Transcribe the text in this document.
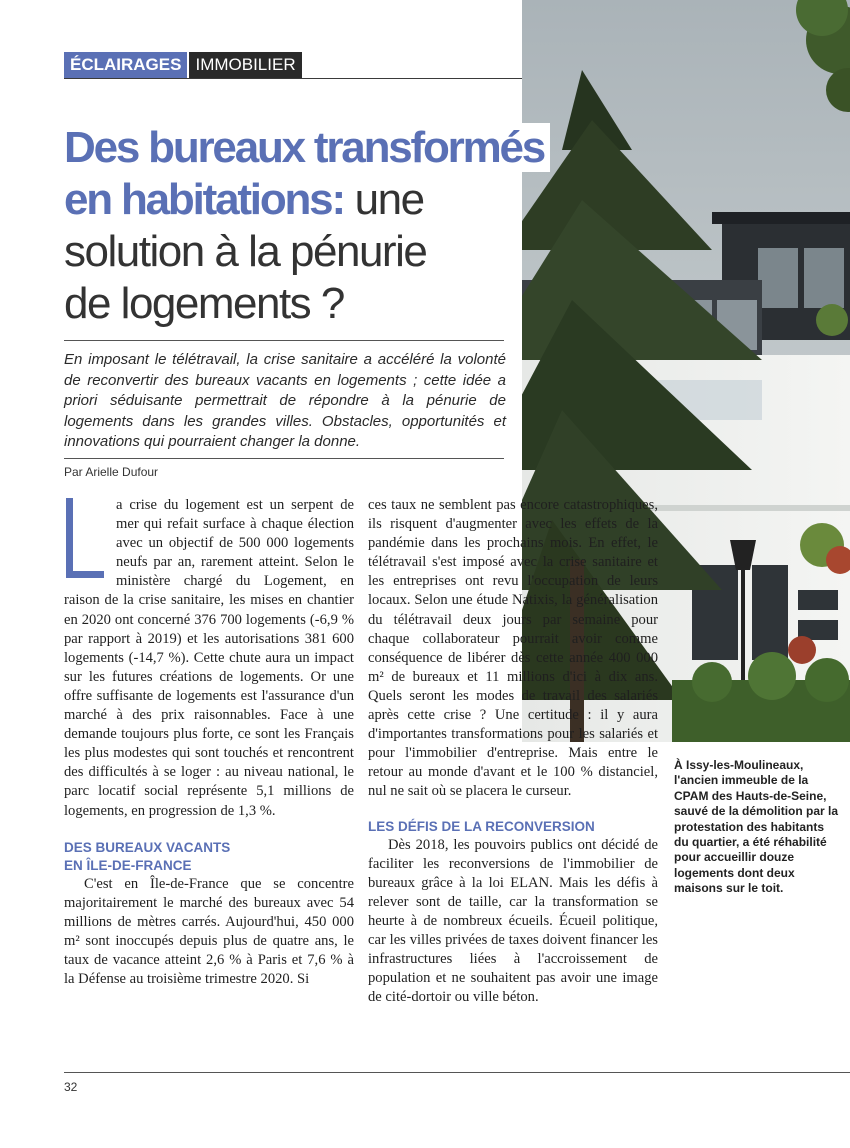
ÉCLAIRAGES IMMOBILIER
Des bureaux transformés
en habitations: une
solution à la pénurie
de logements ?

En imposant le télétravail, la crise sanitaire a accéléré la volonté de reconvertir des bureaux vacants en logements ; cette idée a priori séduisante permettrait de répondre à la pénurie de logements dans les grandes villes. Obstacles, opportunités et innovations qui pourraient changer la donne.

Par Arielle Dufour

a crise du logement est un serpent de mer qui refait surface à chaque élection avec un objectif de 500 000 logements neufs par an, rarement atteint. Selon le ministère chargé du Logement, en raison de la crise sanitaire, les mises en chantier en 2020 ont concerné 376 700 logements (-6,9 % par rapport à 2019) et les autorisations 381 600 logements (-14,7 %). Cette chute aura un impact sur les futures créations de logements. Or une offre suffisante de logements est l'assurance d'un marché à des prix raisonnables. Face à une demande toujours plus forte, ce sont les Français les plus modestes qui sont touchés et rencontrent des difficultés à se loger : au niveau national, le parc locatif social représente 5,1 millions de logements, en progression de 1,3 %.

DES BUREAUX VACANTS
EN ÎLE-DE-FRANCE

C'est en Île-de-France que se concentre majoritairement le marché des bureaux avec 54 millions de mètres carrés. Aujourd'hui, 450 000 m² sont inoccupés depuis plus de quatre ans, le taux de vacance atteint 2,6 % à Paris et 7,6 % à la Défense au troisième trimestre 2020. Si

ces taux ne semblent pas encore catastrophiques, ils risquent d'augmenter avec les effets de la pandémie dans les prochains mois. En effet, le télétravail s'est imposé avec la crise sanitaire et les entreprises ont revu l'occupation de leurs locaux. Selon une étude Natixis, la généralisation du télétravail deux jours par semaine pour chaque collaborateur pourrait avoir comme conséquence de libérer dès cette année 400 000 m² de bureaux et 11 millions d'ici à dix ans. Quels seront les modes de travail des salariés après cette crise ? Une certitude : il y aura d'importantes transformations pour les salariés et pour l'immobilier d'entreprise. Mais entre le retour au monde d'avant et le 100 % distanciel, nul ne sait où se placera le curseur.

LES DÉFIS DE LA RECONVERSION

Dès 2018, les pouvoirs publics ont décidé de faciliter les reconversions de l'immobilier de bureaux grâce à la loi ELAN. Mais les défis à relever sont de taille, car la transformation se heurte à de nombreux écueils. Écueil politique, car les villes privées de taxes doivent financer les infrastructures liées à l'accroissement de population et ne souhaitent pas avoir une image de cité-dortoir ou ville béton.

À Issy-les-Moulineaux, l'ancien immeuble de la CPAM des Hauts-de-Seine, sauvé de la démolition par la protestation des habitants du quartier, a été réhabilité pour accueillir douze logements dont deux maisons sur le toit.

32
